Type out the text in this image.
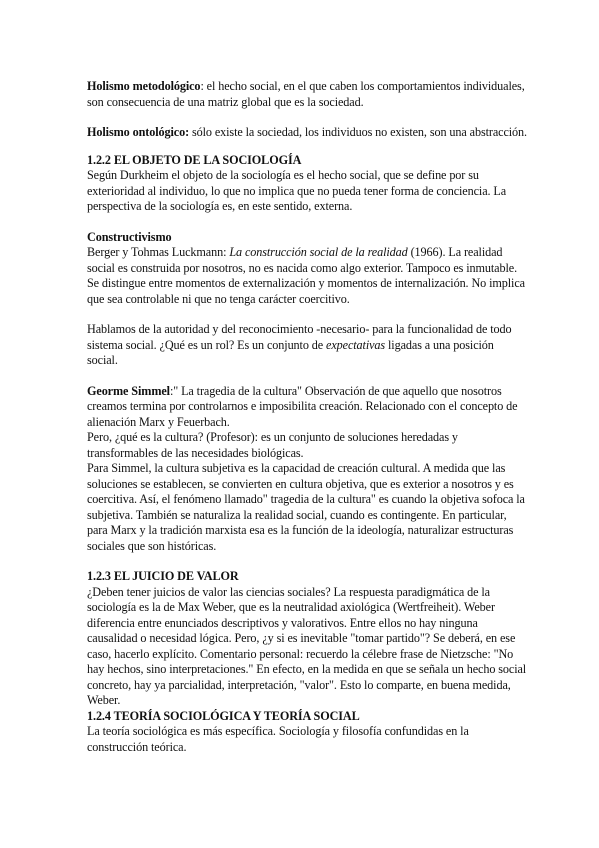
Holismo metodológico: el hecho social, en el que caben los comportamientos individuales, son consecuencia de una matriz global que es la sociedad.

Holismo ontológico: sólo existe la sociedad, los individuos no existen, son una abstracción.

1.2.2 EL OBJETO DE LA SOCIOLOGÍA

Según Durkheim el objeto de la sociología es el hecho social, que se define por su exterioridad al individuo, lo que no implica que no pueda tener forma de conciencia. La perspectiva de la sociología es, en este sentido, externa.

Constructivismo

Berger y Tohmas Luckmann: La construcción social de la realidad (1966). La realidad social es construida por nosotros, no es nacida como algo exterior. Tampoco es inmutable. Se distingue entre momentos de externalización y momentos de internalización. No implica que sea controlable ni que no tenga carácter coercitivo.

Hablamos de la autoridad y del reconocimiento -necesario- para la funcionalidad de todo sistema social. ¿Qué es un rol? Es un conjunto de expectativas ligadas a una posición social.

Georme Simmel:" La tragedia de la cultura" Observación de que aquello que nosotros creamos termina por controlarnos e imposibilita creación. Relacionado con el concepto de alienación Marx y Feuerbach.

Pero, ¿qué es la cultura? (Profesor): es un conjunto de soluciones heredadas y transformables de las necesidades biológicas.

Para Simmel, la cultura subjetiva es la capacidad de creación cultural. A medida que las soluciones se establecen, se convierten en cultura objetiva, que es exterior a nosotros y es coercitiva. Así, el fenómeno llamado" tragedia de la cultura" es cuando la objetiva sofoca la subjetiva. También se naturaliza la realidad social, cuando es contingente. En particular, para Marx y la tradición marxista esa es la función de la ideología, naturalizar estructuras sociales que son históricas.

1.2.3 EL JUICIO DE VALOR

¿Deben tener juicios de valor las ciencias sociales? La respuesta paradigmática de la sociología es la de Max Weber, que es la neutralidad axiológica (Wertfreiheit). Weber diferencia entre enunciados descriptivos y valorativos. Entre ellos no hay ninguna causalidad o necesidad lógica. Pero, ¿y si es inevitable "tomar partido"? Se deberá, en ese caso, hacerlo explícito. Comentario personal: recuerdo la célebre frase de Nietzsche: "No hay hechos, sino interpretaciones." En efecto, en la medida en que se señala un hecho social concreto, hay ya parcialidad, interpretación, "valor". Esto lo comparte, en buena medida, Weber.

1.2.4 TEORÍA SOCIOLÓGICA Y TEORÍA SOCIAL

La teoría sociológica es más específica. Sociología y filosofía confundidas en la construcción teórica.
